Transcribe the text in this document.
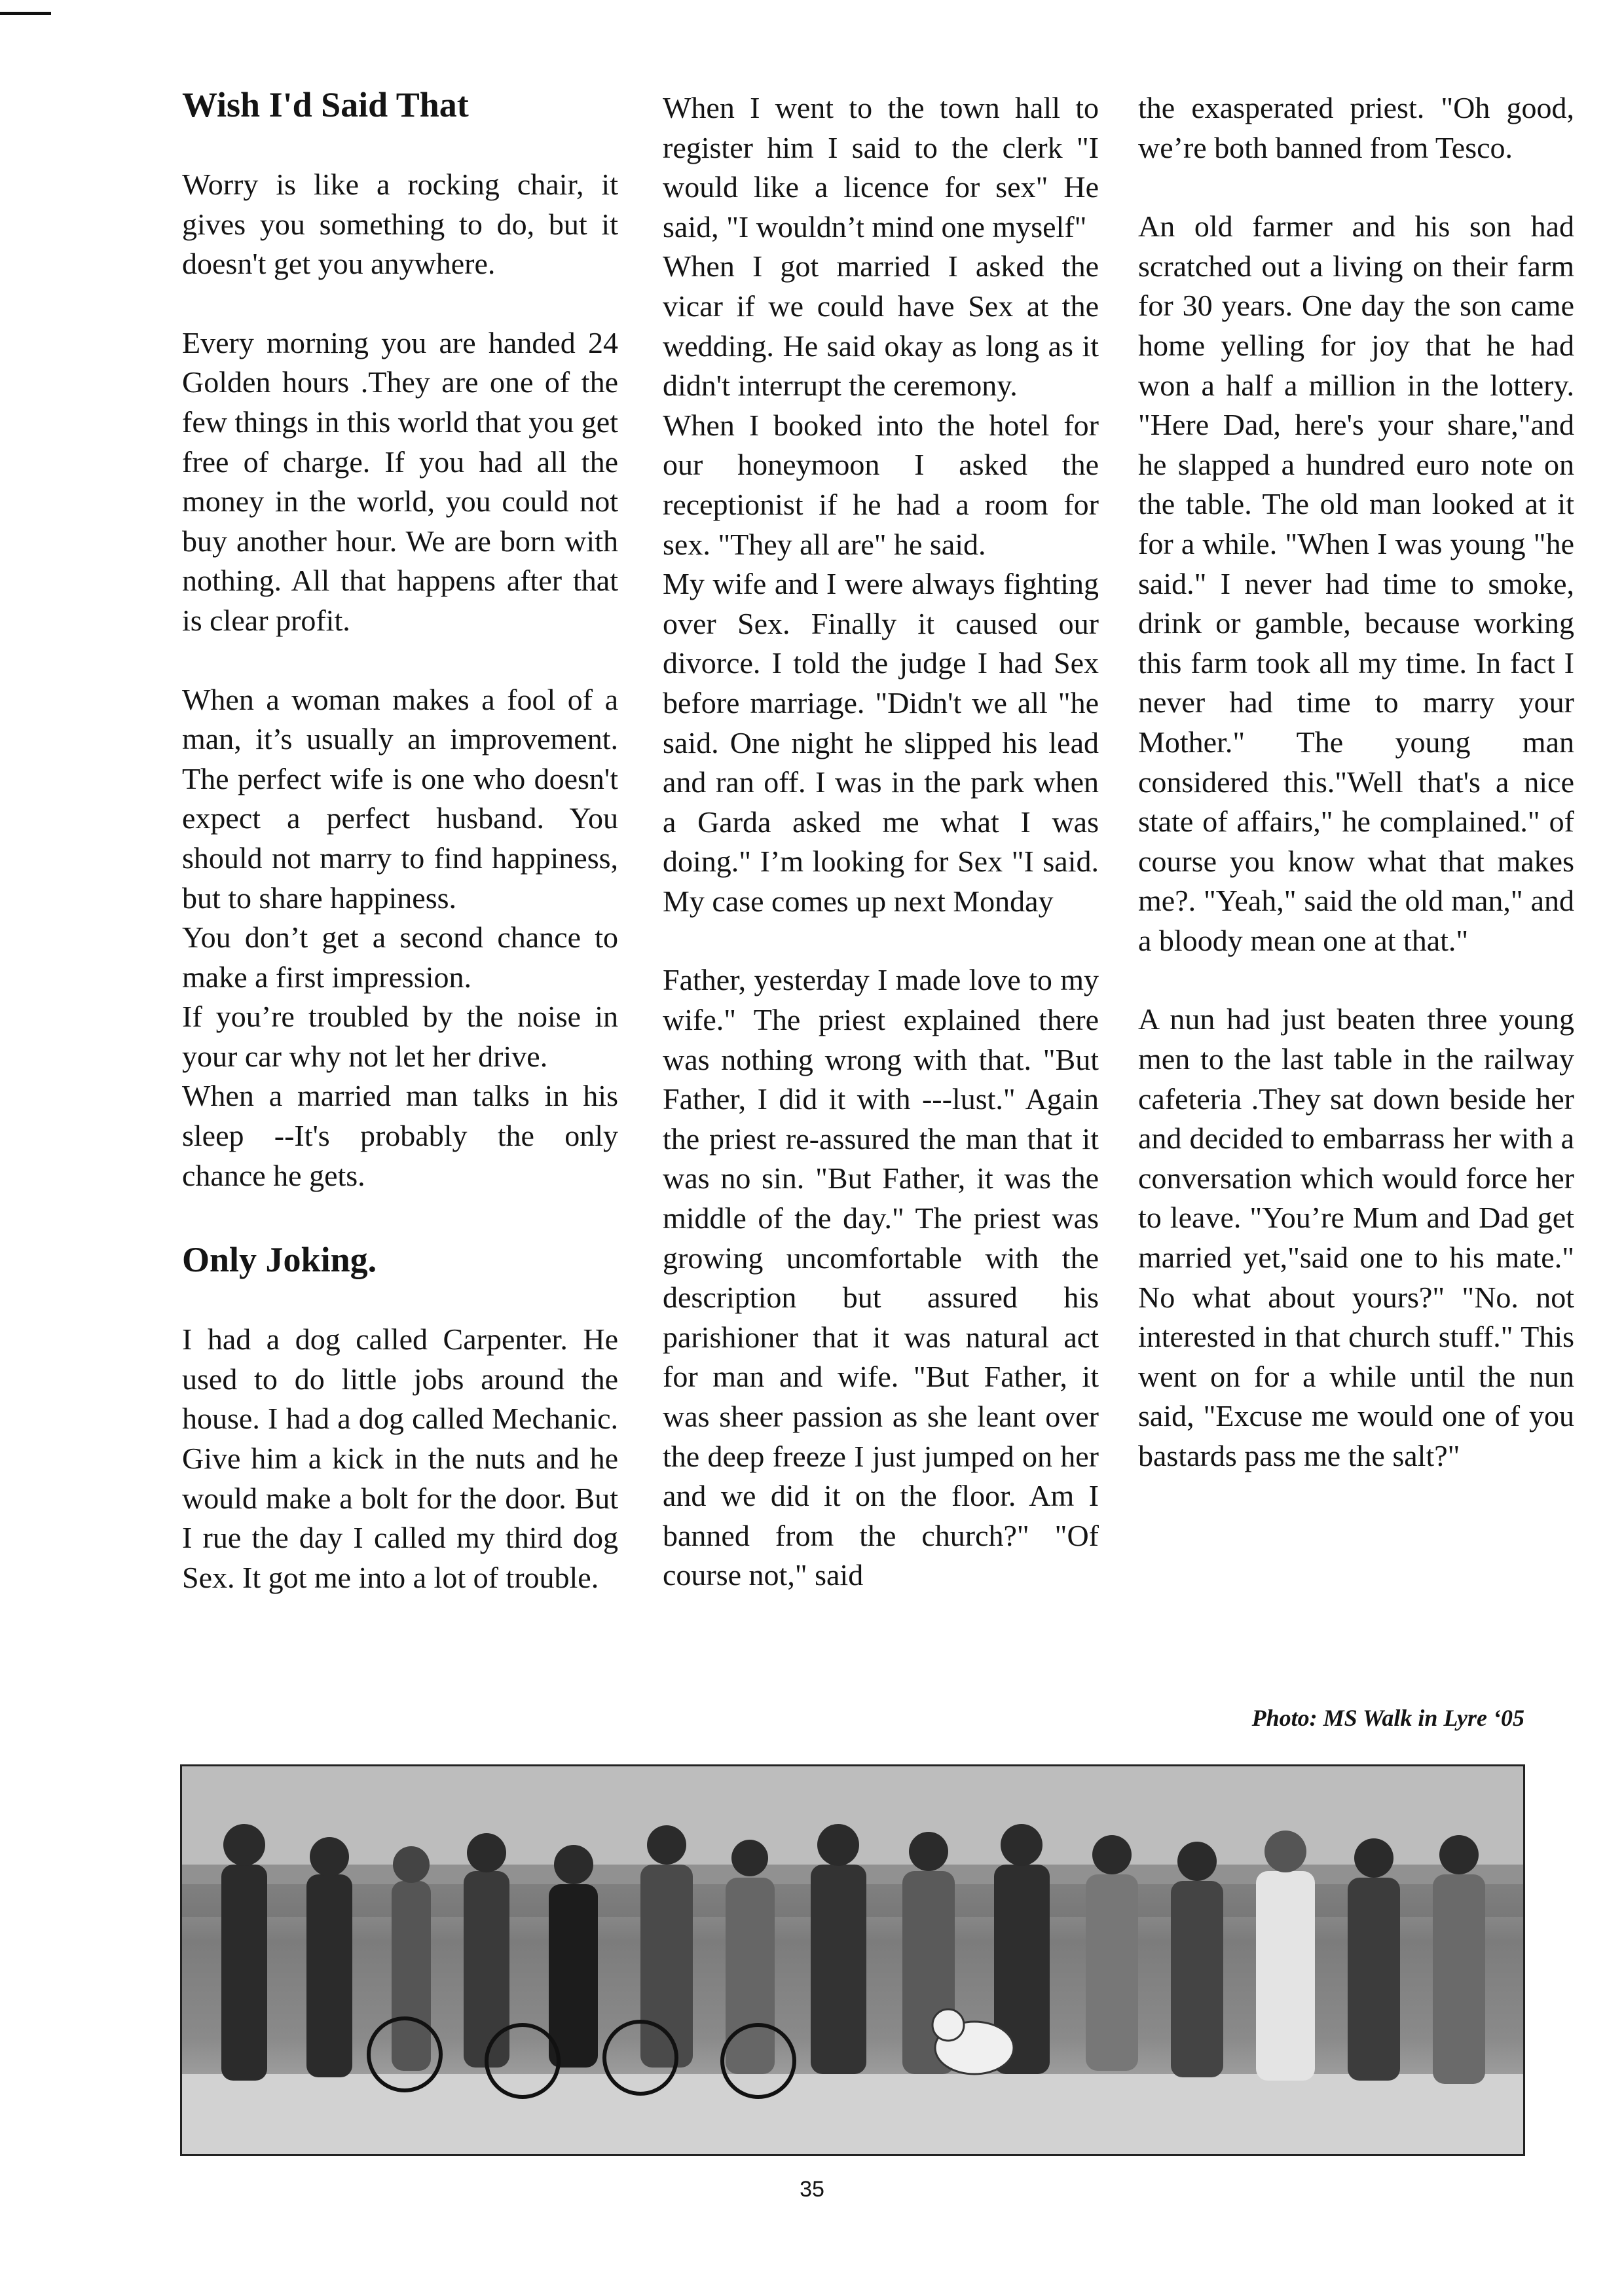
Wish I'd Said That

Worry is like a rocking chair, it gives you something to do, but it doesn't get you anywhere.

Every morning you are handed 24 Golden hours .They are one of the few things in this world that you get free of charge. If you had all the money in the world, you could not buy another hour. We are born with nothing. All that happens after that is clear profit.

When a woman makes a fool of a man, it’s usually an improvement. The perfect wife is one who doesn't expect a perfect husband. You should not marry to find happiness, but to share happiness.

You don’t get a second chance to make a first impression.

If you’re troubled by the noise in your car why not let her drive.

When a married man talks in his sleep --It's probably the only chance he gets.

Only Joking.

I had a dog called Carpenter. He used to do little jobs around the house. I had a dog called Mechanic. Give him a kick in the nuts and he would make a bolt for the door. But I rue the day I called my third dog Sex. It got me into a lot of trouble.

When I went to the town hall to register him I said to the clerk "I would like a licence for sex" He said, "I wouldn’t mind one myself"

When I got married I asked the vicar if we could have Sex at the wedding. He said okay as long as it didn't interrupt the ceremony.

When I booked into the hotel for our honeymoon I asked the receptionist if he had a room for sex. "They all are" he said.

My wife and I were always fighting over Sex. Finally it caused our divorce. I told the judge I had Sex before marriage. "Didn't we all "he said. One night he slipped his lead and ran off. I was in the park when a Garda asked me what I was doing." I’m looking for Sex "I said. My case comes up next Monday

Father, yesterday I made love to my wife." The priest explained there was nothing wrong with that. "But Father, I did it with ---lust." Again the priest re-assured the man that it was no sin. "But Father, it was the middle of the day." The priest was growing uncomfortable with the description but assured his parishioner that it was natural act for man and wife. "But Father, it was sheer passion as she leant over the deep freeze I just jumped on her and we did it on the floor. Am I banned from the church?" "Of course not," said

the exasperated priest. "Oh good, we’re both banned from Tesco.

An old farmer and his son had scratched out a living on their farm for 30 years. One day the son came home yelling for joy that he had won a half a million in the lottery. "Here Dad, here's your share,"and he slapped a hundred euro note on the table. The old man looked at it for a while. "When I was young "he said." I never had time to smoke, drink or gamble, because working this farm took all my time. In fact I never had time to marry your Mother." The young man considered this."Well that's a nice state of affairs," he complained." of course you know what that makes me?. "Yeah," said the old man," and a bloody mean one at that."

A nun had just beaten three young men to the last table in the railway cafeteria .They sat down beside her and decided to embarrass her with a conversation which would force her to leave. "You’re Mum and Dad get married yet,"said one to his mate." No what about yours?" "No. not interested in that church stuff." This went on for a while until the nun said, "Excuse me would one of you bastards pass me the salt?"

Photo: MS Walk in Lyre ‘05
35
